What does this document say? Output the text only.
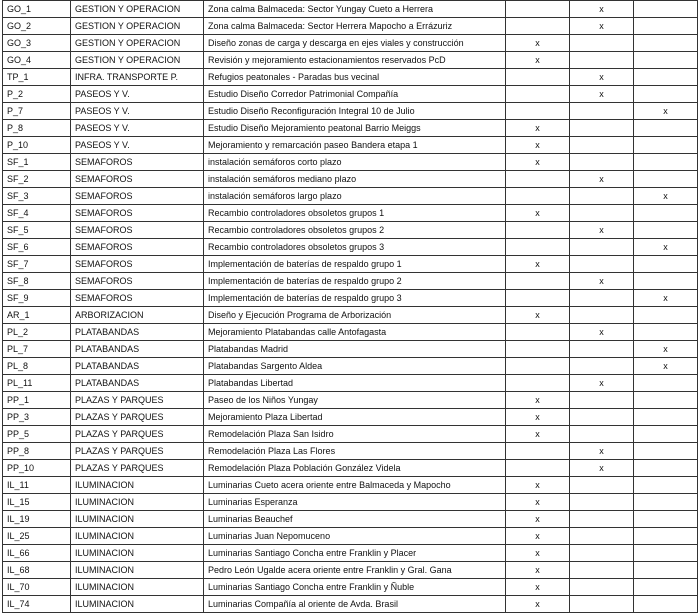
GO_1	GESTION Y OPERACION	Zona calma Balmaceda: Sector Yungay Cueto a Herrera		x	
GO_2	GESTION Y OPERACION	Zona calma Balmaceda: Sector Herrera Mapocho a Errázuriz		x	
GO_3	GESTION Y OPERACION	Diseño zonas de carga y descarga en ejes viales y construcción	x		
GO_4	GESTION Y OPERACION	Revisión y mejoramiento estacionamientos reservados PcD	x		
TP_1	INFRA. TRANSPORTE P.	Refugios peatonales - Paradas bus vecinal		x	
P_2	PASEOS Y V.	Estudio Diseño Corredor Patrimonial Compañía		x	
P_7	PASEOS Y V.	Estudio Diseño Reconfiguración Integral 10 de Julio			x
P_8	PASEOS Y V.	Estudio Diseño Mejoramiento peatonal Barrio Meiggs	x		
P_10	PASEOS Y V.	Mejoramiento y remarcación paseo Bandera etapa 1	x		
SF_1	SEMAFOROS	instalación semáforos corto plazo	x		
SF_2	SEMAFOROS	instalación semáforos mediano plazo		x	
SF_3	SEMAFOROS	instalación semáforos largo plazo			x
SF_4	SEMAFOROS	Recambio controladores obsoletos grupos 1	x		
SF_5	SEMAFOROS	Recambio controladores obsoletos grupos 2		x	
SF_6	SEMAFOROS	Recambio controladores obsoletos grupos 3			x
SF_7	SEMAFOROS	Implementación de baterías de respaldo grupo 1	x		
SF_8	SEMAFOROS	Implementación de baterías de respaldo grupo 2		x	
SF_9	SEMAFOROS	Implementación de baterías de respaldo grupo 3			x
AR_1	ARBORIZACION	Diseño y Ejecución Programa de Arborización	x		
PL_2	PLATABANDAS	Mejoramiento Platabandas calle Antofagasta		x	
PL_7	PLATABANDAS	Platabandas Madrid			x
PL_8	PLATABANDAS	Platabandas Sargento Aldea			x
PL_11	PLATABANDAS	Platabandas Libertad		x	
PP_1	PLAZAS Y PARQUES	Paseo de los Niños Yungay	x		
PP_3	PLAZAS Y PARQUES	Mejoramiento Plaza Libertad	x		
PP_5	PLAZAS Y PARQUES	Remodelación Plaza San Isidro	x		
PP_8	PLAZAS Y PARQUES	Remodelación Plaza Las Flores		x	
PP_10	PLAZAS Y PARQUES	Remodelación Plaza Población González Videla		x	
IL_11	ILUMINACION	Luminarias Cueto acera oriente entre Balmaceda y Mapocho	x		
IL_15	ILUMINACION	Luminarias Esperanza	x		
IL_19	ILUMINACION	Luminarias Beauchef	x		
IL_25	ILUMINACION	Luminarias Juan Nepomuceno	x		
IL_66	ILUMINACION	Luminarias Santiago Concha entre Franklin y Placer	x		
IL_68	ILUMINACION	Pedro León Ugalde acera oriente entre Franklin y Gral. Gana	x		
IL_70	ILUMINACION	Luminarias Santiago Concha entre Franklin y Ñuble	x		
IL_74	ILUMINACION	Luminarias Compañía al oriente de Avda. Brasil	x		
